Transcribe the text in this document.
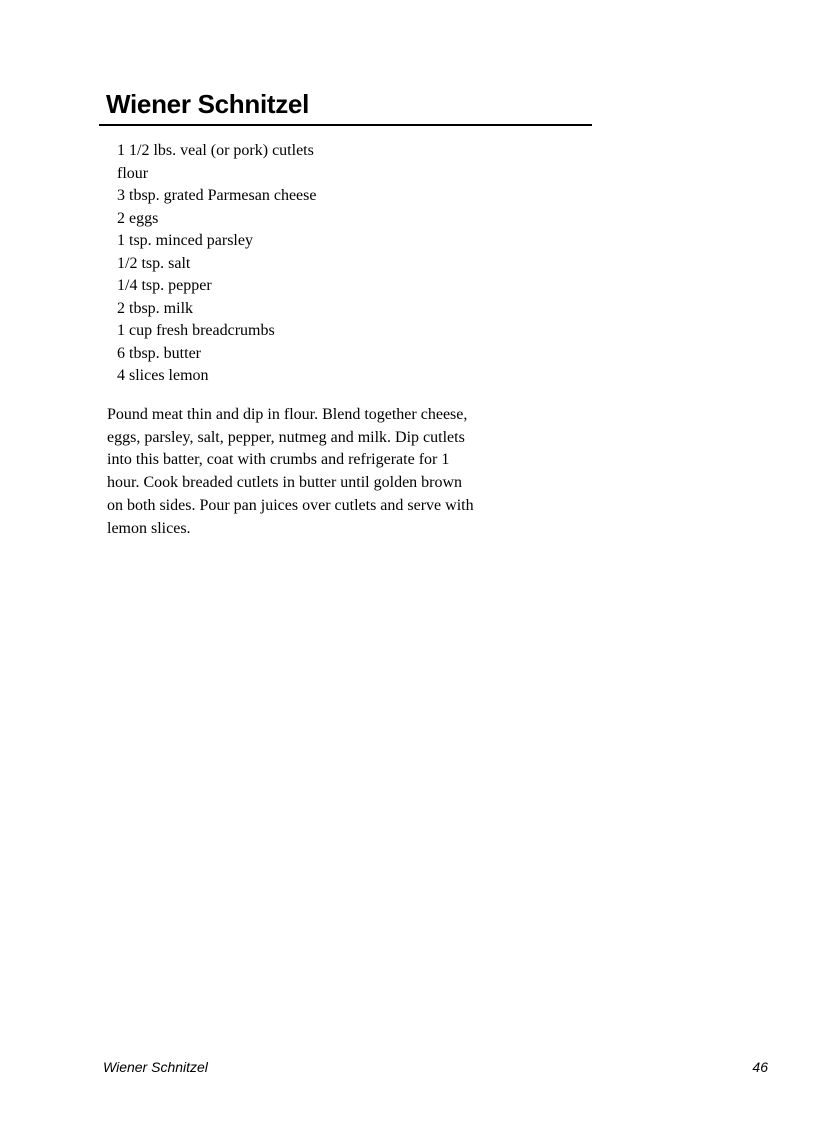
Wiener Schnitzel
1 1/2 lbs. veal (or pork) cutlets
flour
3 tbsp. grated Parmesan cheese
2 eggs
1 tsp. minced parsley
1/2 tsp. salt
1/4 tsp. pepper
2 tbsp. milk
1 cup fresh breadcrumbs
6 tbsp. butter
4 slices lemon

Pound meat thin and dip in flour. Blend together cheese,
eggs, parsley, salt, pepper, nutmeg and milk. Dip cutlets
into this batter, coat with crumbs and refrigerate for 1
hour. Cook breaded cutlets in butter until golden brown
on both sides. Pour pan juices over cutlets and serve with
lemon slices.

Wiener Schnitzel	46
